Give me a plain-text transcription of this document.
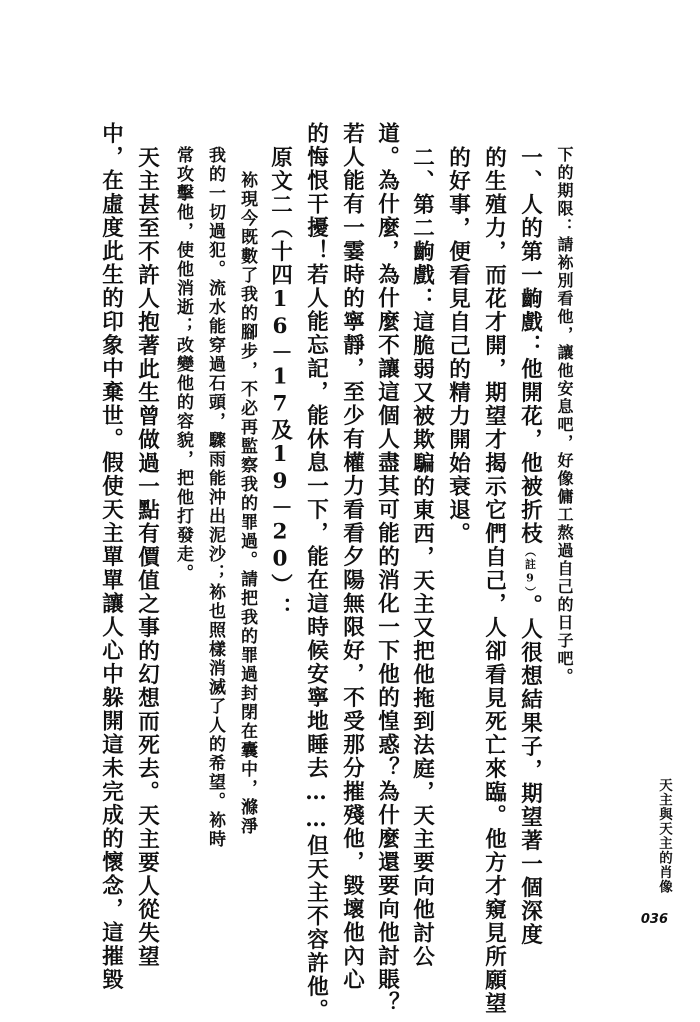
天主與天主的肖像
036
下的期限：請袮別看他，讓他安息吧，好像傭工熬過自己的日子吧。
一、人的第一齣戲：他開花，他被折枝（註9）。人很想結果子，期望著一個深度
的生殖力，而花才開，期望才揭示它們自己，人卻看見死亡來臨。他方才窺見所願望
的好事，便看見自己的精力開始衰退。
二、第二齣戲：這脆弱又被欺騙的東西，天主又把他拖到法庭，天主要向他討公
道。為什麼，為什麼不讓這個人盡其可能的消化一下他的惶惑？為什麼還要向他討賬？
若人能有一霎時的寧靜，至少有權力看看夕陽無限好，不受那分摧殘他，毀壞他內心
的悔恨干擾！若人能忘記，能休息一下，能在這時候安寧地睡去……但天主不容許他。
原文二（十四16－17及19－20）：
袮現今既數了我的腳步，不必再監察我的罪過。請把我的罪過封閉在囊中，滌淨
我的一切過犯。流水能穿過石頭，驟雨能沖出泥沙；袮也照樣消滅了人的希望。袮時
常攻擊他，使他消逝；改變他的容貌，把他打發走。
天主甚至不許人抱著此生曾做過一點有價值之事的幻想而死去。天主要人從失望
中，在虛度此生的印象中棄世。假使天主單單讓人心中躲開這未完成的懷念，這摧毀
